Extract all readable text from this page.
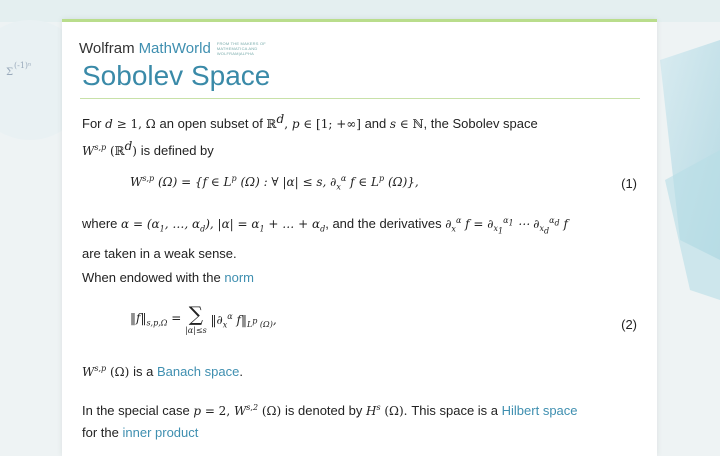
Σ
(-1)ⁿ
Wolfram MathWorld FROM THE MAKERS OF MATHEMATICA AND WOLFRAM|ALPHA
Sobolev Space
For d ≥ 1, Ω an open subset of ℝ$^d$, p ∈ [1; +∞] and s ∈ ℕ, the Sobolev space
W$^{s,p}$ (ℝ$^d$) is defined by
W$^{s,p}$ (Ω) = {f ∈ $L^p$ (Ω) : ∀ |α| ≤ s, $\partial_x^\alpha$ f ∈ $L^p$ (Ω)},	(1)
where $\alpha = (\alpha_1$, …, $\alpha_d$), $|\alpha| = \alpha_1$ + … + $\alpha_d$, and the derivatives $\partial_x^\alpha$ $f = \partial_{x_1}^{\alpha_1}$ ⋯ $\partial_{x_d}^{\alpha_d}$ f
are taken in a weak sense.
When endowed with the norm
$‖f‖_{s,p,\Omega}$ = ∑
|α|≤s
$‖\partial_x^\alpha$ $f‖_{L^p (\Omega)}$,	(2)
W$^{s,p}$ (Ω) is a Banach space.
In the special case p = 2, W$^{s,2}$ (Ω) is denoted by $H^s$ (Ω). This space is a Hilbert space
for the inner product
